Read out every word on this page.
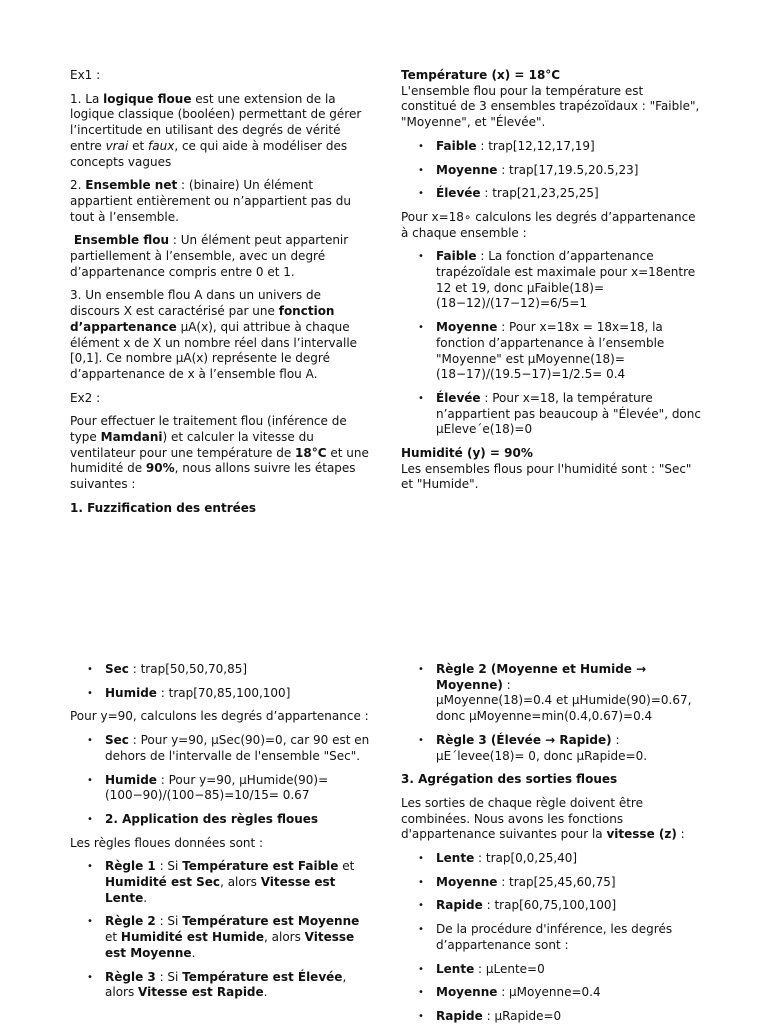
Ex1 :

1. La logique floue est une extension de la logique classique (booléen) permettant de gérer l’incertitude en utilisant des degrés de vérité entre vrai et faux, ce qui aide à modéliser des concepts vagues

2. Ensemble net : (binaire) Un élément appartient entièrement ou n’appartient pas du tout à l’ensemble.

Ensemble flou : Un élément peut appartenir partiellement à l’ensemble, avec un degré d’appartenance compris entre 0 et 1.

3. Un ensemble flou A dans un univers de discours X est caractérisé par une fonction d’appartenance µA(x), qui attribue à chaque élément x de X un nombre réel dans l’intervalle [0,1]. Ce nombre µA(x) représente le degré d’appartenance de x à l’ensemble flou A.

Ex2 :

Pour effectuer le traitement flou (inférence de type Mamdani) et calculer la vitesse du ventilateur pour une température de 18°C et une humidité de 90%, nous allons suivre les étapes suivantes :

1. Fuzzification des entrées

Température (x) = 18°C

L'ensemble flou pour la température est constitué de 3 ensembles trapézoïdaux : "Faible", "Moyenne", et "Élevée".

• Faible : trap[12,12,17,19]
• Moyenne : trap[17,19.5,20.5,23]
• Élevée : trap[21,23,25,25]

Pour x=18∘ calculons les degrés d’appartenance à chaque ensemble :

• Faible : La fonction d’appartenance trapézoïdale est maximale pour x=18entre 12 et 19, donc µFaible(18)=(18−12)/(17−12)=6/5=1
• Moyenne : Pour x=18x = 18x=18, la fonction d’appartenance à l’ensemble "Moyenne" est µMoyenne(18)=(18−17)/(19.5−17)=1/2.5= 0.4
• Élevée : Pour x=18, la température n’appartient pas beaucoup à "Élevée", donc µEleve´e(18)=0

Humidité (y) = 90%

Les ensembles flous pour l'humidité sont : "Sec" et "Humide".

• Sec : trap[50,50,70,85]
• Humide : trap[70,85,100,100]

Pour y=90, calculons les degrés d’appartenance :

• Sec : Pour y=90, µSec(90)=0, car 90 est en dehors de l'intervalle de l'ensemble "Sec".
• Humide : Pour y=90, µHumide(90)=(100−90)/(100−85)=10/15= 0.67
• 2. Application des règles floues

Les règles floues données sont :

• Règle 1 : Si Température est Faible et Humidité est Sec, alors Vitesse est Lente.
• Règle 2 : Si Température est Moyenne et Humidité est Humide, alors Vitesse est Moyenne.
• Règle 3 : Si Température est Élevée, alors Vitesse est Rapide.
• Règle 2 (Moyenne et Humide → Moyenne) :
µMoyenne(18)=0.4 et µHumide(90)=0.67, donc µMoyenne=min(0.4,0.67)=0.4
• Règle 3 (Élevée → Rapide) :
µE´levee(18)= 0, donc µRapide=0.

3. Agrégation des sorties floues

Les sorties de chaque règle doivent être combinées. Nous avons les fonctions d'appartenance suivantes pour la vitesse (z) :

• Lente : trap[0,0,25,40]
• Moyenne : trap[25,45,60,75]
• Rapide : trap[60,75,100,100]
• De la procédure d'inférence, les degrés d’appartenance sont :
• Lente : µLente=0
• Moyenne : µMoyenne=0.4
• Rapide : µRapide=0
